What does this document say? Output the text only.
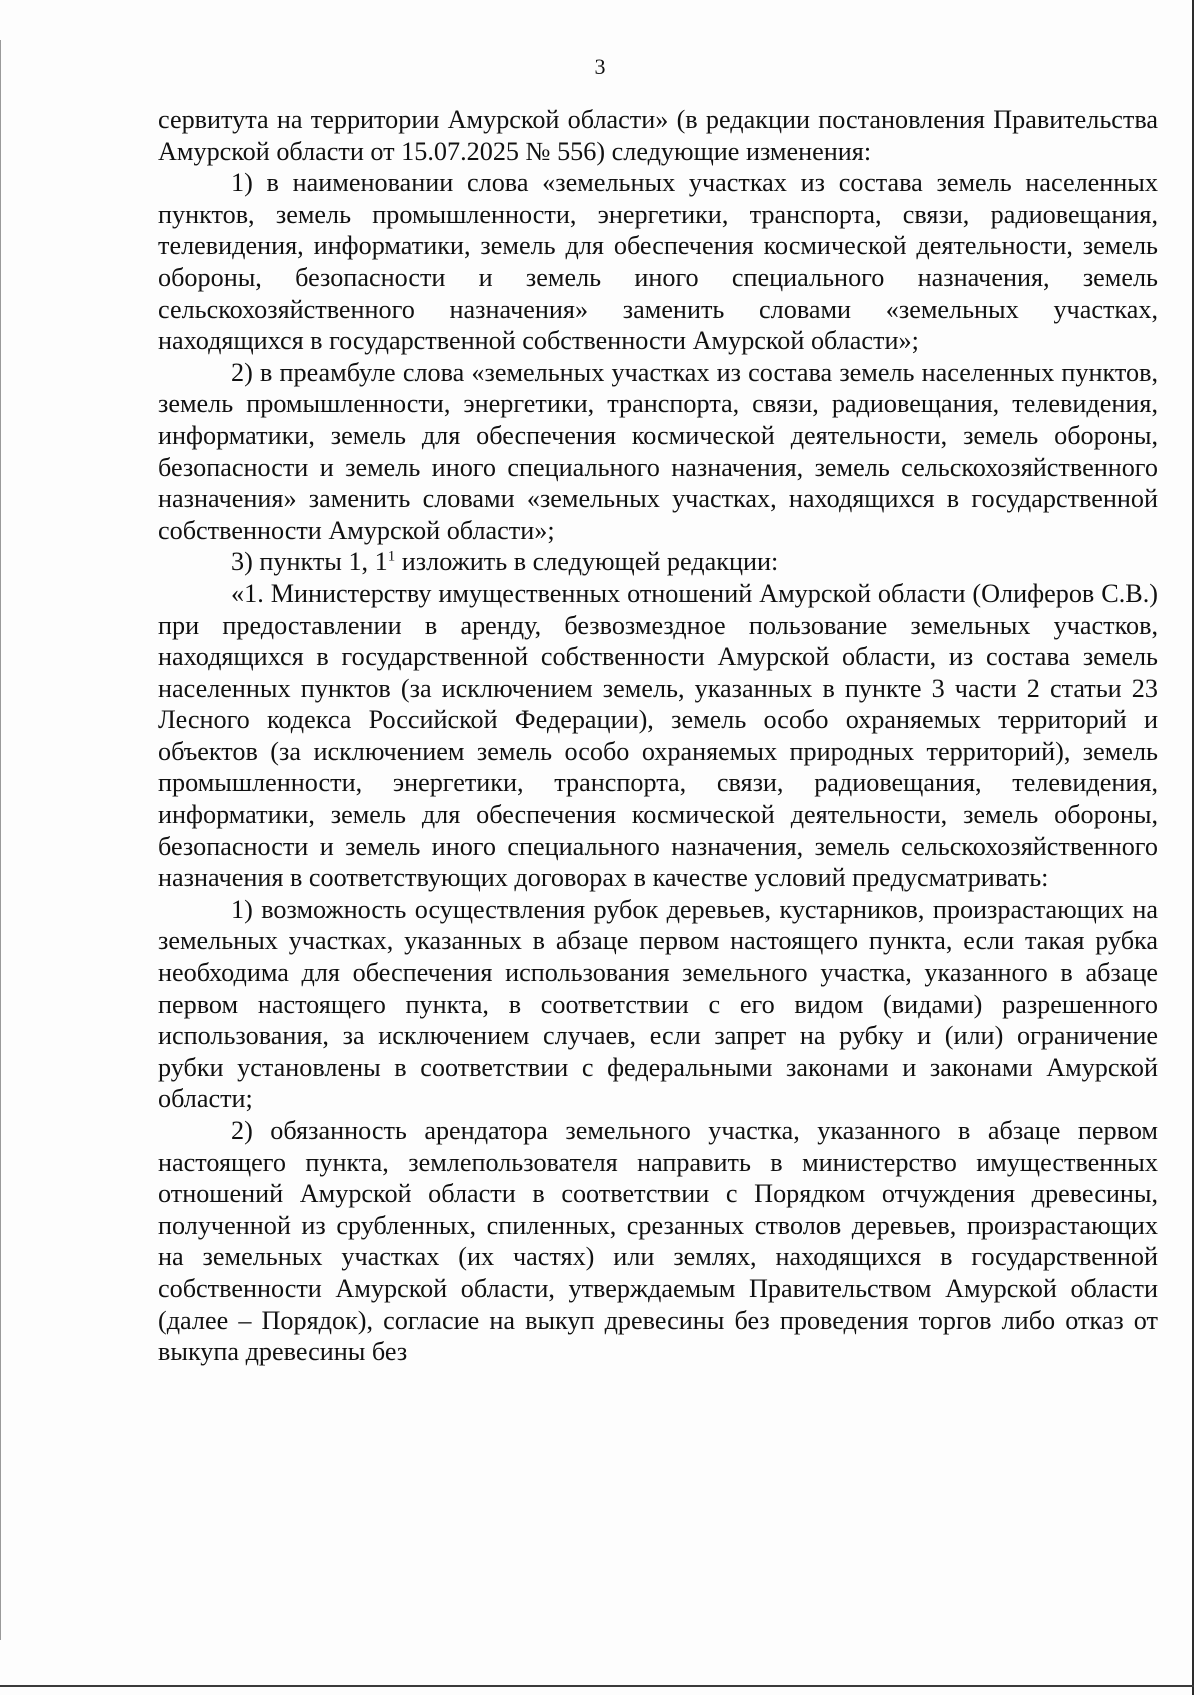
3

сервитута на территории Амурской области» (в редакции постановления Правительства Амурской области от 15.07.2025 № 556) следующие изменения:

1) в наименовании слова «земельных участках из состава земель населенных пунктов, земель промышленности, энергетики, транспорта, связи, радиовещания, телевидения, информатики, земель для обеспечения космической деятельности, земель обороны, безопасности и земель иного специального назначения, земель сельскохозяйственного назначения» заменить словами «земельных участках, находящихся в государственной собственности Амурской области»;

2) в преамбуле слова «земельных участках из состава земель населенных пунктов, земель промышленности, энергетики, транспорта, связи, радиовещания, телевидения, информатики, земель для обеспечения космической деятельности, земель обороны, безопасности и земель иного специального назначения, земель сельскохозяйственного назначения» заменить словами «земельных участках, находящихся в государственной собственности Амурской области»;

3) пункты 1, $1^1$ изложить в следующей редакции:

«1. Министерству имущественных отношений Амурской области (Олиферов С.В.) при предоставлении в аренду, безвозмездное пользование земельных участков, находящихся в государственной собственности Амурской области, из состава земель населенных пунктов (за исключением земель, указанных в пункте 3 части 2 статьи 23 Лесного кодекса Российской Федерации), земель особо охраняемых территорий и объектов (за исключением земель особо охраняемых природных территорий), земель промышленности, энергетики, транспорта, связи, радиовещания, телевидения, информатики, земель для обеспечения космической деятельности, земель обороны, безопасности и земель иного специального назначения, земель сельскохозяйственного назначения в соответствующих договорах в качестве условий предусматривать:

1) возможность осуществления рубок деревьев, кустарников, произрастающих на земельных участках, указанных в абзаце первом настоящего пункта, если такая рубка необходима для обеспечения использования земельного участка, указанного в абзаце первом настоящего пункта, в соответствии с его видом (видами) разрешенного использования, за исключением случаев, если запрет на рубку и (или) ограничение рубки установлены в соответствии с федеральными законами и законами Амурской области;

2) обязанность арендатора земельного участка, указанного в абзаце первом настоящего пункта, землепользователя направить в министерство имущественных отношений Амурской области в соответствии с Порядком отчуждения древесины, полученной из срубленных, спиленных, срезанных стволов деревьев, произрастающих на земельных участках (их частях) или землях, находящихся в государственной собственности Амурской области, утверждаемым Правительством Амурской области (далее – Порядок), согласие на выкуп древесины без проведения торгов либо отказ от выкупа древесины без
